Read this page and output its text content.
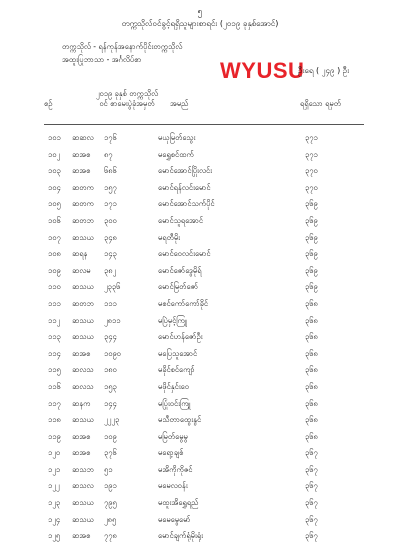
၅
တက္ကသိုလ်ဝင်ခွင့်ရရှိသူများစာရင်း (၂၀၁၉ ခုနှစ်အောင်)
တက္ကသိုလ် - ရန်ကုန်အနောက်ပိုင်းတက္ကသိုလ်
အထူးပြုဘာသာ - အင်္ဂလိပ်စာ	WYUSU
ဦးရေ ( ၂၄၉ ) ဦး
စဉ်
၂၀၁၉ ခုနှစ် တက္ကသိုလ်ဝင် စာမေးပွဲခုံအမှတ်	အမည်	ရရှိသော ရမှတ်
၁၀၁ ဆဆလ ၁၇၆	မယုမြတ်သွေး	၃၇၁
၁၀၂ ဆအစ ၈၇	မရွှေစင်ထက်	၃၇၁
၁၀၃ ဆအစ ၆၈၆	မောင်အောင်ပြိုးလင်း	၃၇၀
၁၀၄ ဆတက ၁၅၇	မောင်ရန်လင်းမောင်	၃၇၀
၁၀၅ ဆတက ၁၇၁	မောင်အောင်သက်ပိုင်	၃၆၉
၁၀၆ ဆတဘ ၃၀၀	မောင်သူရအောင်	၃၆၉
၁၀၇ ဆသယ ၃၄၈	မရတီမိုး	၃၆၉
၁၀၈ ဆရန ၁၄၃	မောင်ဝေလင်းမောင်	၃၆၉
၁၀၉ ဆလမ ၃၈၂	မောင်ဇော်ဒွေမိုရ်	၃၆၉
၁၁၀ ဆသယ ၂၃၃၆	မောင်မြတ်ဇော်	၃၆၉
၁၁၁ ဆတဘ ၁၁၁	မစင်ကော်ကော်ခိုင်	၃၆၈
၁၁၂ ဆသယ ၂၈၁၁	မပြဲမှင့်ကြူ	၃၆၈
၁၁၃ ဆသယ ၃၄၄	မောင်ဟန်ဇော်ဦး	၃၆၈
၁၁၄ ဆအစ ၁၀၉၀	မပြေသူအောင်	၃၆၈
၁၁၅ ဆလသ ၁၈၀	မခိုင်စင်ကျော်	၃၆၈
၁၁၆ ဆလသ ၁၅၃	မဖိုင်နှင်းဝေ	၃၆၈
၁၁၇ ဆနက ၁၄၄	မပြုံးဝင်းကြူ	၃၆၈
၁၁၈ ဆသယ ၂၂၂၃	မသီတာထွေးနွင်	၃၆၈
၁၁၉ ဆအစ ၁၀၉	မမြတ်မွေမွ	၃၆၈
၁၂၀ ဆအစ ၃၇၆	မရော့ချစ်	၃၆၇
၁၂၁ ဆသဘ ၅၁	မအိကိုကိုဇင်	၃၆၇
၁၂၂ ဆသလ ၁၉၁	မမေလဝန်း	၃၆၇
၁၂၃ ဆသယ ၇၉၅	မထူးအိရွှေရည်	၃၆၇
၁၂၄ ဆသယ ၂၈၅	မမေမွေမော်	၃၆၇
၁၂၅ ဆအစ ၇၇၈	မောင်ချက်ရုံမိုးရုံး	၃၆၇
